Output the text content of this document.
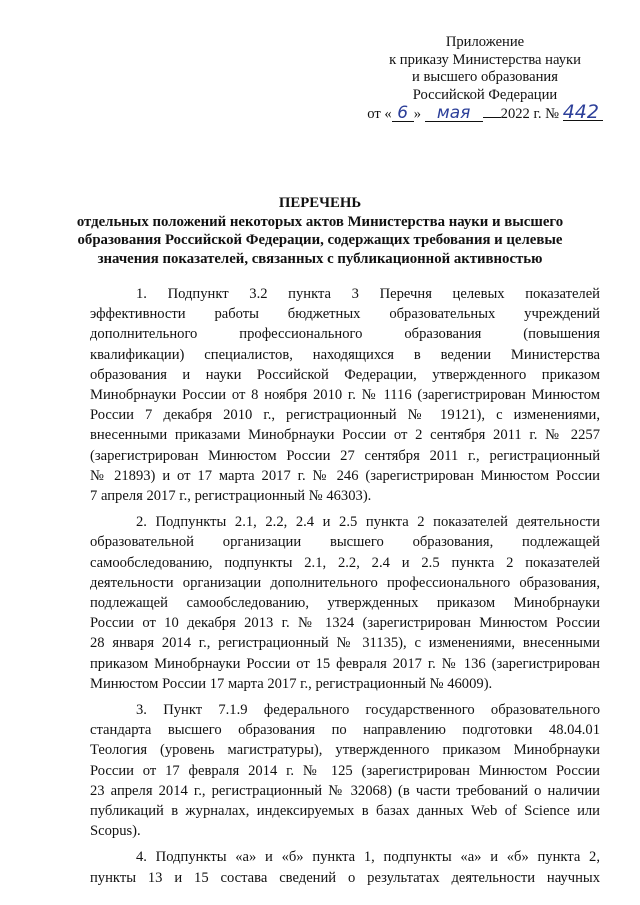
Приложение
к приказу Министерства науки
и высшего образования
Российской Федерации
от « 6 » мая 2022 г. № 442
ПЕРЕЧЕНЬ
отдельных положений некоторых актов Министерства науки и высшего
образования Российской Федерации, содержащих требования и целевые
значения показателей, связанных с публикационной активностью
1. Подпункт 3.2 пункта 3 Перечня целевых показателей
эффективности работы бюджетных образовательных учреждений
дополнительного профессионального образования (повышения
квалификации) специалистов, находящихся в ведении Министерства
образования и науки Российской Федерации, утвержденного приказом
Минобрнауки России от 8 ноября 2010 г. № 1116 (зарегистрирован Минюстом
России 7 декабря 2010 г., регистрационный № 19121), с изменениями,
внесенными приказами Минобрнауки России от 2 сентября 2011 г. № 2257
(зарегистрирован Минюстом России 27 сентября 2011 г., регистрационный
№ 21893) и от 17 марта 2017 г. № 246 (зарегистрирован Минюстом России
7 апреля 2017 г., регистрационный № 46303).
2. Подпункты 2.1, 2.2, 2.4 и 2.5 пункта 2 показателей деятельности
образовательной организации высшего образования, подлежащей
самообследованию, подпункты 2.1, 2.2, 2.4 и 2.5 пункта 2 показателей
деятельности организации дополнительного профессионального образования,
подлежащей самообследованию, утвержденных приказом Минобрнауки
России от 10 декабря 2013 г. № 1324 (зарегистрирован Минюстом России
28 января 2014 г., регистрационный № 31135), с изменениями, внесенными
приказом Минобрнауки России от 15 февраля 2017 г. № 136 (зарегистрирован
Минюстом России 17 марта 2017 г., регистрационный № 46009).
3. Пункт 7.1.9 федерального государственного образовательного
стандарта высшего образования по направлению подготовки 48.04.01
Теология (уровень магистратуры), утвержденного приказом Минобрнауки
России от 17 февраля 2014 г. № 125 (зарегистрирован Минюстом России
23 апреля 2014 г., регистрационный № 32068) (в части требований о наличии
публикаций в журналах, индексируемых в базах данных Web of Science или
Scopus).
4. Подпункты «а» и «б» пункта 1, подпункты «а» и «б» пункта 2,
пункты 13 и 15 состава сведений о результатах деятельности научных
